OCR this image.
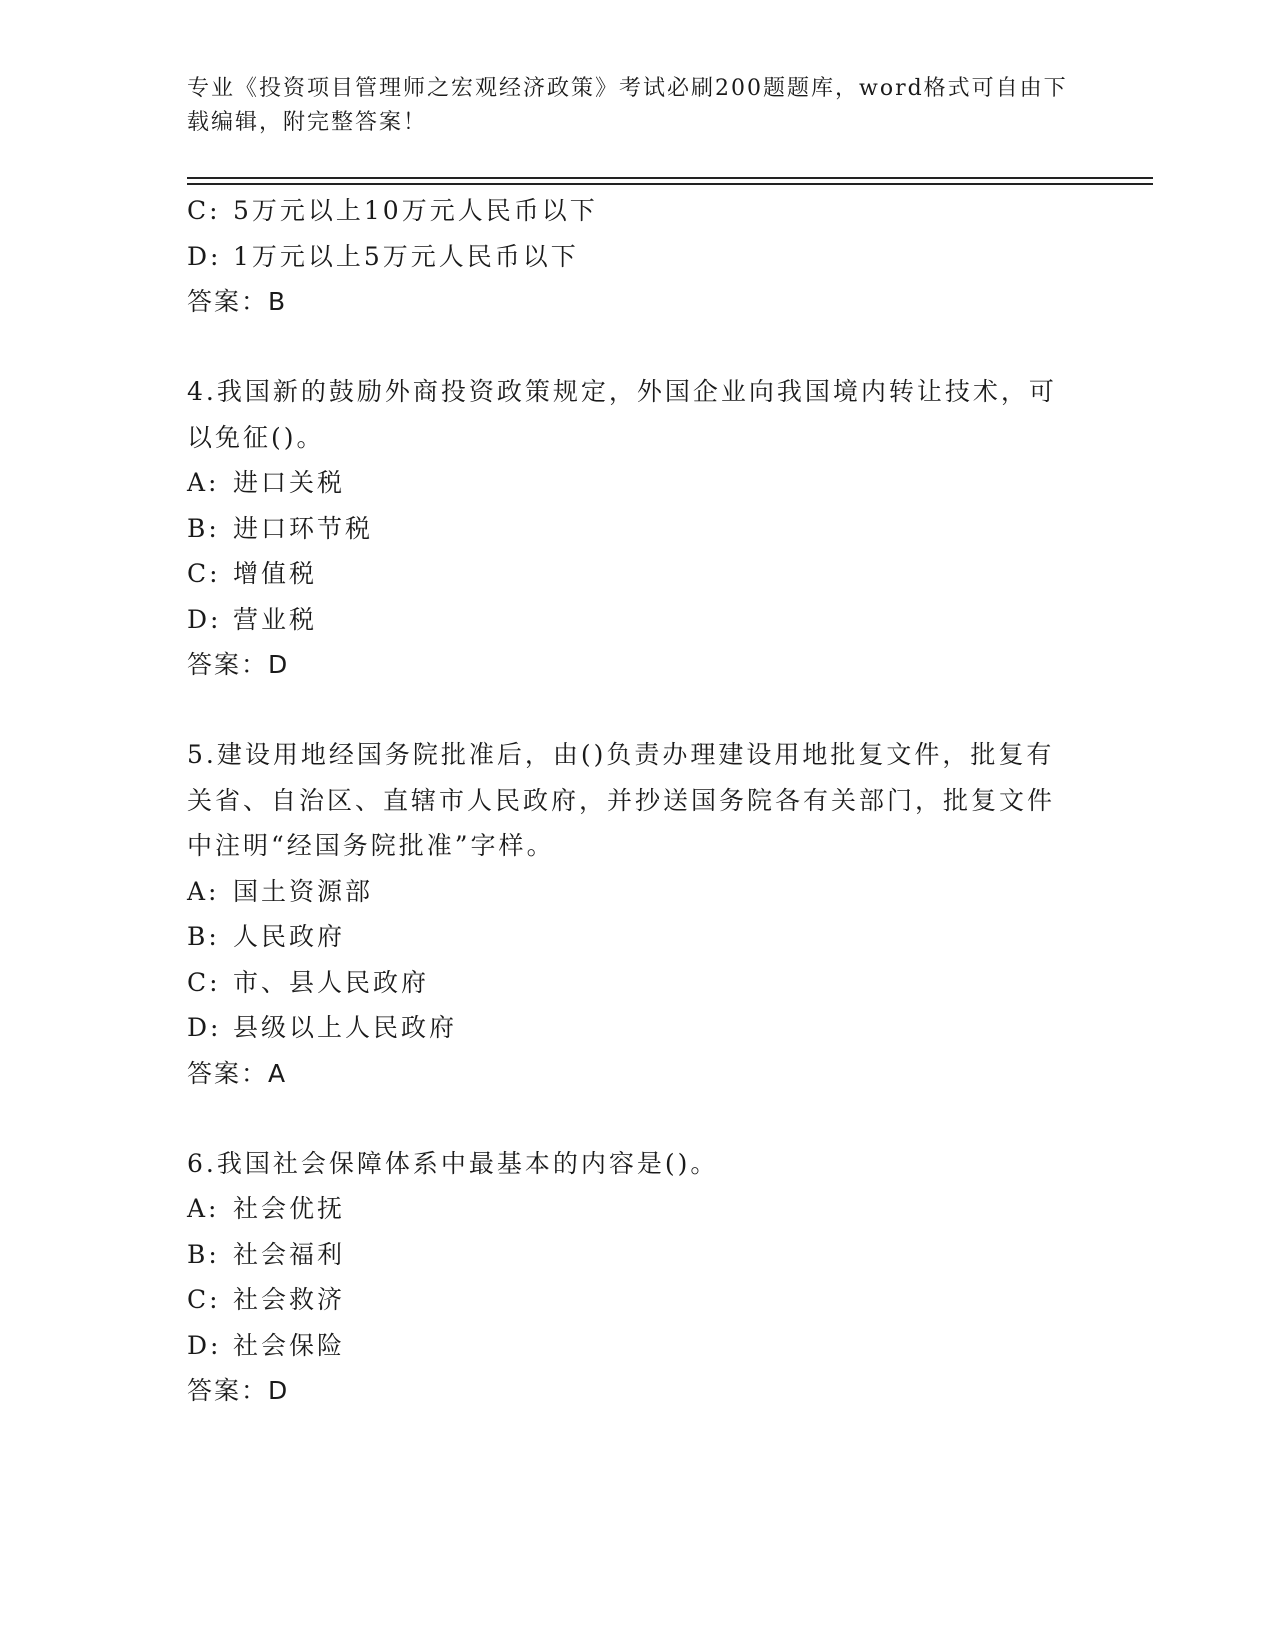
专业《投资项目管理师之宏观经济政策》考试必刷200题题库，word格式可自由下载编辑，附完整答案！
C: 5万元以上10万元人民币以下
D: 1万元以上5万元人民币以下
答案：B
4.我国新的鼓励外商投资政策规定，外国企业向我国境内转让技术，可以免征()。
A: 进口关税
B: 进口环节税
C: 增值税
D: 营业税
答案：D
5.建设用地经国务院批准后，由()负责办理建设用地批复文件，批复有关省、自治区、直辖市人民政府，并抄送国务院各有关部门，批复文件中注明“经国务院批准”字样。
A: 国土资源部
B: 人民政府
C: 市、县人民政府
D: 县级以上人民政府
答案：A
6.我国社会保障体系中最基本的内容是()。
A: 社会优抚
B: 社会福利
C: 社会救济
D: 社会保险
答案：D
